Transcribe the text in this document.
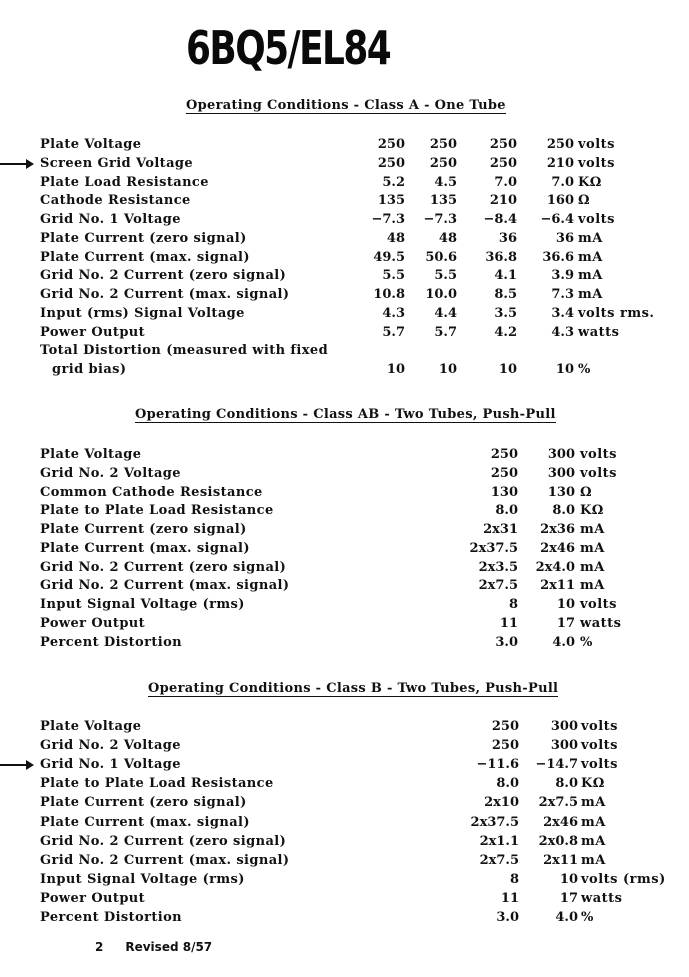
6BQ5/EL84
Operating Conditions - Class A - One Tube
Plate Voltage	250 250	250 250 volts
Screen Grid Voltage	250 250	250 210 volts
Plate Load Resistance	5.2 4.5	7.0	7.0 KΩ
Cathode Resistance	135 135	210 160 Ω
Grid No. 1 Voltage	−7.3 −7.3 −8.4 −6.4 volts
Plate Current (zero signal)	48	48	36	36 mA
Plate Current (max. signal)	49.5 50.6 36.8 36.6 mA
Grid No. 2 Current (zero signal)	5.5 5.5	4.1	3.9 mA
Grid No. 2 Current (max. signal)	10.8 10.0	8.5	7.3 mA
Input (rms) Signal Voltage	4.3 4.4	3.5	3.4 volts rms.
Power Output	5.7 5.7	4.2	4.3 watts
Total Distortion (measured with fixed
grid bias)	10	10	10	10 %
Operating Conditions - Class AB - Two Tubes, Push-Pull
Plate Voltage	250 300 volts
Grid No. 2 Voltage	250 300 volts
Common Cathode Resistance	130 130 Ω
Plate to Plate Load Resistance	8.0	8.0 KΩ
Plate Current (zero signal)	2x31 2x36 mA
Plate Current (max. signal)	2x37.5 2x46 mA
Grid No. 2 Current (zero signal)	2x3.5 2x4.0 mA
Grid No. 2 Current (max. signal)	2x7.5 2x11 mA
Input Signal Voltage (rms)	8	10 volts
Power Output	11	17 watts
Percent Distortion	3.0	4.0 %
Operating Conditions - Class B - Two Tubes, Push-Pull
Plate Voltage	250 300 volts
Grid No. 2 Voltage	250 300 volts
Grid No. 1 Voltage	−11.6 −14.7 volts
Plate to Plate Load Resistance	8.0	8.0 KΩ
Plate Current (zero signal)	2x10 2x7.5 mA
Plate Current (max. signal)	2x37.5 2x46 mA
Grid No. 2 Current (zero signal)	2x1.1 2x0.8 mA
Grid No. 2 Current (max. signal)	2x7.5 2x11 mA
Input Signal Voltage (rms)	8	10 volts (rms)
Power Output	11	17 watts
Percent Distortion	3.0	4.0 %
2 Revised 8/57
